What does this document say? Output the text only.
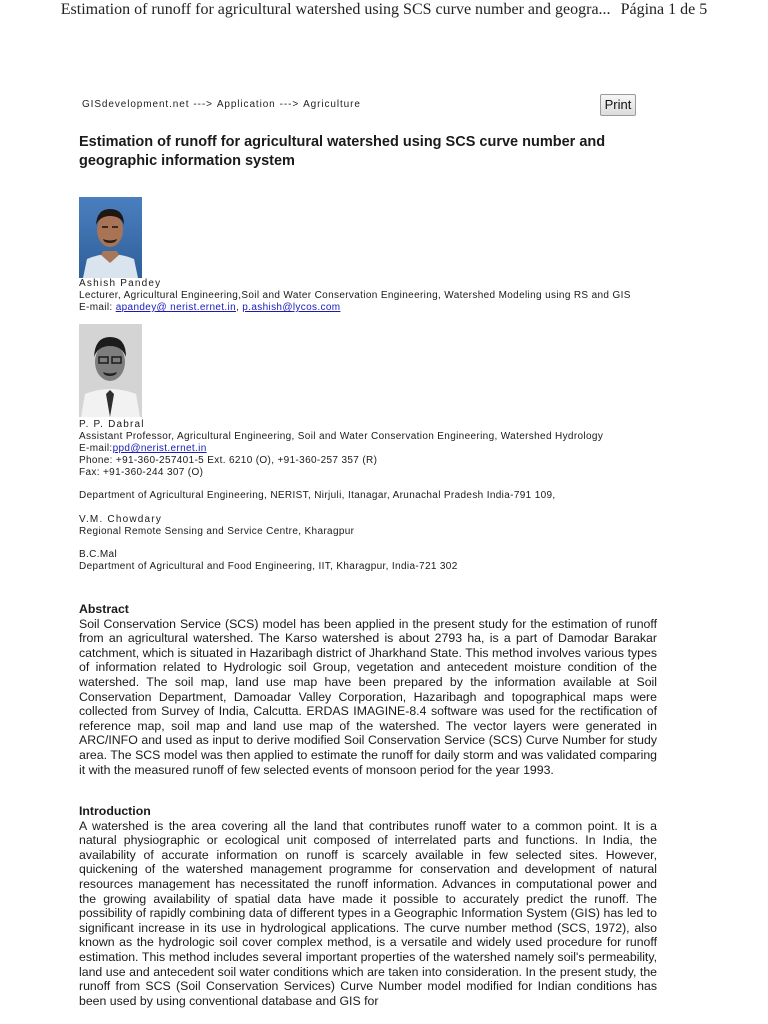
Estimation of runoff for agricultural watershed using SCS curve number and geogra... Página 1 de 5
GISdevelopment.net ---> Application ---> Agriculture	Print
Estimation of runoff for agricultural watershed using SCS curve number and geographic information system
Ashish Pandey
Lecturer, Agricultural Engineering,Soil and Water Conservation Engineering, Watershed Modeling using RS and GIS
E-mail: apandey@ nerist.ernet.in, p.ashish@lycos.com
P. P. Dabral
Assistant Professor, Agricultural Engineering, Soil and Water Conservation Engineering, Watershed Hydrology
E-mail:ppd@nerist.ernet.in
Phone: +91-360-257401-5 Ext. 6210 (O), +91-360-257 357 (R)
Fax: +91-360-244 307 (O)
Department of Agricultural Engineering, NERIST, Nirjuli, Itanagar, Arunachal Pradesh India-791 109,
V.M. Chowdary
Regional Remote Sensing and Service Centre, Kharagpur
B.C.Mal
Department of Agricultural and Food Engineering, IIT, Kharagpur, India-721 302
Abstract

Soil Conservation Service (SCS) model has been applied in the present study for the estimation of runoff from an agricultural watershed. The Karso watershed is about 2793 ha, is a part of Damodar Barakar catchment, which is situated in Hazaribagh district of Jharkhand State. This method involves various types of information related to Hydrologic soil Group, vegetation and antecedent moisture condition of the watershed. The soil map, land use map have been prepared by the information available at Soil Conservation Department, Damoadar Valley Corporation, Hazaribagh and topographical maps were collected from Survey of India, Calcutta. ERDAS IMAGINE-8.4 software was used for the rectification of reference map, soil map and land use map of the watershed. The vector layers were generated in ARC/INFO and used as input to derive modified Soil Conservation Service (SCS) Curve Number for study area. The SCS model was then applied to estimate the runoff for daily storm and was validated comparing it with the measured runoff of few selected events of monsoon period for the year 1993.

Introduction

A watershed is the area covering all the land that contributes runoff water to a common point. It is a natural physiographic or ecological unit composed of interrelated parts and functions. In India, the availability of accurate information on runoff is scarcely available in few selected sites. However, quickening of the watershed management programme for conservation and development of natural resources management has necessitated the runoff information. Advances in computational power and the growing availability of spatial data have made it possible to accurately predict the runoff. The possibility of rapidly combining data of different types in a Geographic Information System (GIS) has led to significant increase in its use in hydrological applications. The curve number method (SCS, 1972), also known as the hydrologic soil cover complex method, is a versatile and widely used procedure for runoff estimation. This method includes several important properties of the watershed namely soil's permeability, land use and antecedent soil water conditions which are taken into consideration. In the present study, the runoff from SCS (Soil Conservation Services) Curve Number model modified for Indian conditions has been used by using conventional database and GIS for
